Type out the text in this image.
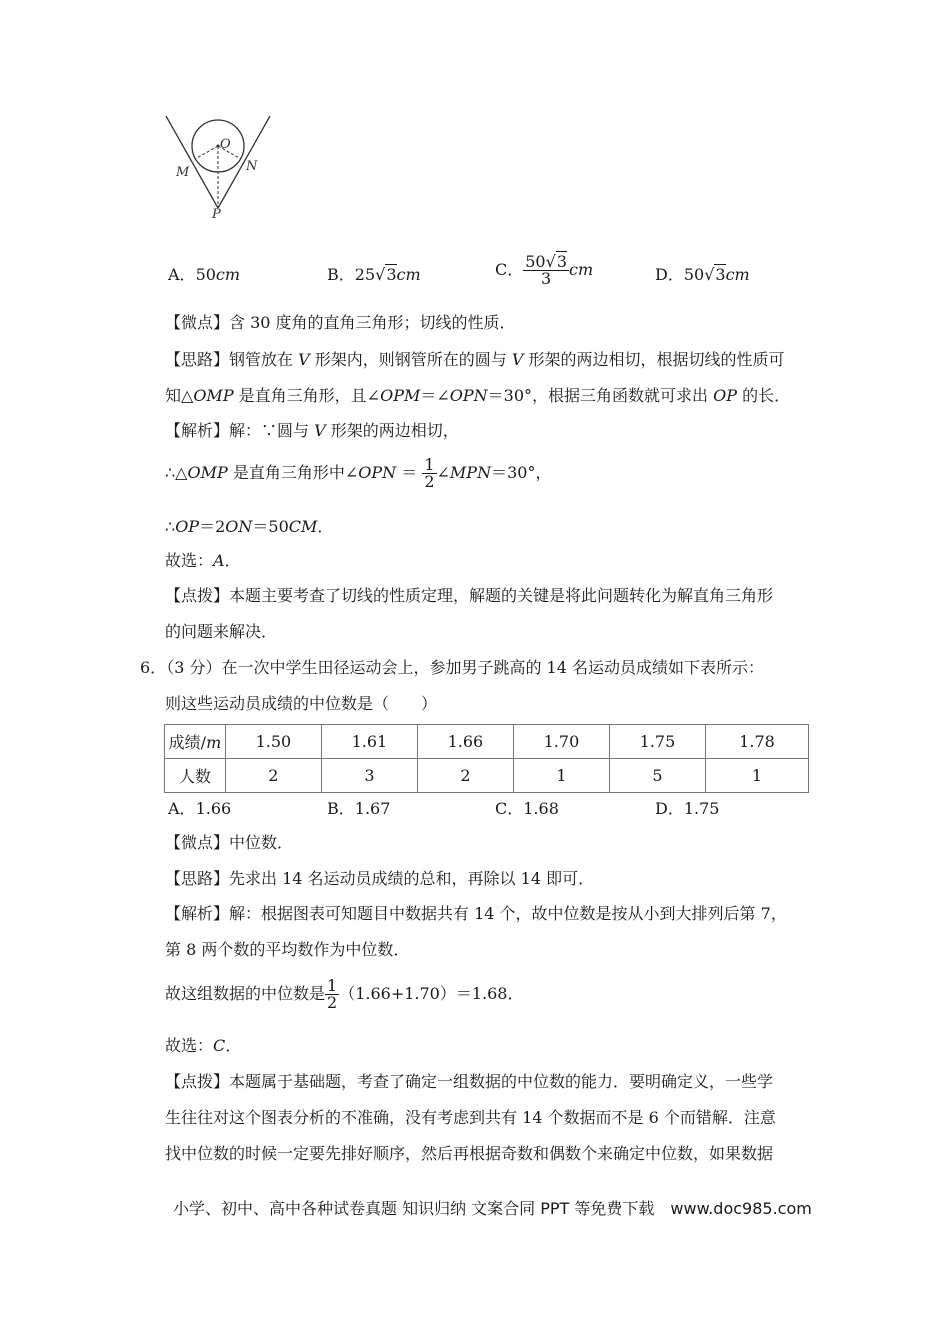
O
M	N
P
A．50cm	B．25√3cm	C． $\frac{50√3}{3}$ cm	D．50√3cm
【微点】含 30 度角的直角三角形；切线的性质．
【思路】钢管放在 V 形架内，则钢管所在的圆与 V 形架的两边相切，根据切线的性质可
知△OMP 是直角三角形，且∠OPM＝∠OPN＝30°，根据三角函数就可求出 OP 的长．
【解析】解：∵圆与 V 形架的两边相切，
∴△OMP 是直角三角形中∠OPN ＝ $\frac{1}{2}$ ∠MPN＝30°，
∴OP＝2ON＝50CM．
故选：A．
【点拨】本题主要考查了切线的性质定理，解题的关键是将此问题转化为解直角三角形
的问题来解决．
6．（3 分）在一次中学生田径运动会上，参加男子跳高的 14 名运动员成绩如下表所示：
则这些运动员成绩的中位数是（　　）
成绩/m	1.50	1.61	1.66	1.70	1.75	1.78
人数	2	3	2	1	5	1
A．1.66	B．1.67	C．1.68	D．1.75
【微点】中位数．
【思路】先求出 14 名运动员成绩的总和，再除以 14 即可．
【解析】解：根据图表可知题目中数据共有 14 个，故中位数是按从小到大排列后第 7，
第 8 两个数的平均数作为中位数．
故这组数据的中位数是 $\frac{1}{2} (1.66+1.70)=1.68$．
故选：C．
【点拨】本题属于基础题，考查了确定一组数据的中位数的能力．要明确定义，一些学
生往往对这个图表分析的不准确，没有考虑到共有 14 个数据而不是 6 个而错解．注意
找中位数的时候一定要先排好顺序，然后再根据奇数和偶数个来确定中位数，如果数据
小学、初中、高中各种试卷真题 知识归纳 文案合同 PPT 等免费下载　www.doc985.com
